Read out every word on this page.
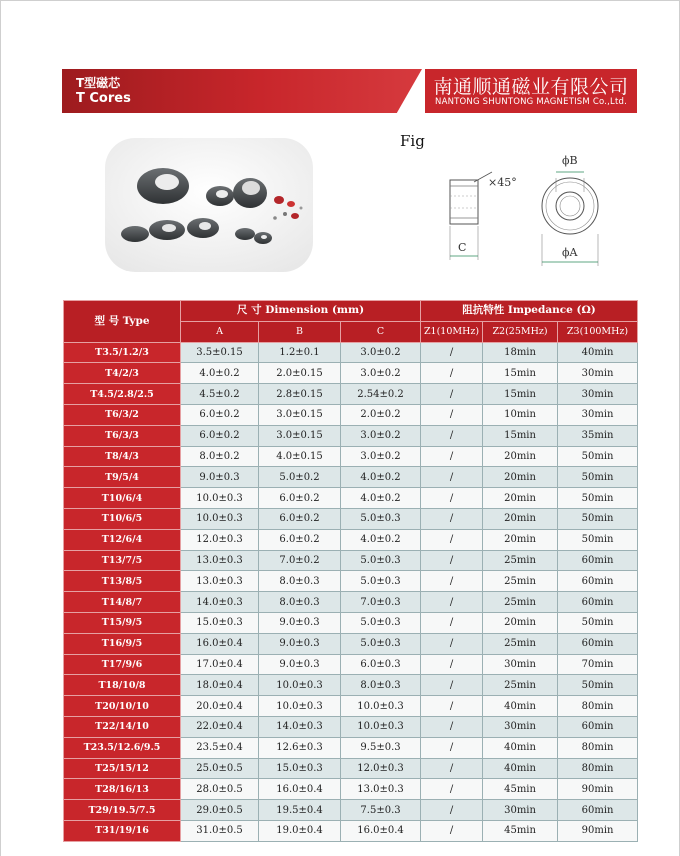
T型磁芯
T Cores
南通顺通磁业有限公司
NANTONG SHUNTONG MAGNETISM Co.,Ltd.
Fig
×45°
C
ϕB
ϕA
型 号 Type	尺 寸 Dimension (mm)			阻抗特性 Impedance (Ω)		
	A	B	C	Z1(10MHz)	Z2(25MHz)	Z3(100MHz)
T3.5/1.2/3	3.5±0.15	1.2±0.1	3.0±0.2	/	18min	40min
T4/2/3	4.0±0.2	2.0±0.15	3.0±0.2	/	15min	30min
T4.5/2.8/2.5	4.5±0.2	2.8±0.15	2.54±0.2	/	15min	30min
T6/3/2	6.0±0.2	3.0±0.15	2.0±0.2	/	10min	30min
T6/3/3	6.0±0.2	3.0±0.15	3.0±0.2	/	15min	35min
T8/4/3	8.0±0.2	4.0±0.15	3.0±0.2	/	20min	50min
T9/5/4	9.0±0.3	5.0±0.2	4.0±0.2	/	20min	50min
T10/6/4	10.0±0.3	6.0±0.2	4.0±0.2	/	20min	50min
T10/6/5	10.0±0.3	6.0±0.2	5.0±0.3	/	20min	50min
T12/6/4	12.0±0.3	6.0±0.2	4.0±0.2	/	20min	50min
T13/7/5	13.0±0.3	7.0±0.2	5.0±0.3	/	25min	60min
T13/8/5	13.0±0.3	8.0±0.3	5.0±0.3	/	25min	60min
T14/8/7	14.0±0.3	8.0±0.3	7.0±0.3	/	25min	60min
T15/9/5	15.0±0.3	9.0±0.3	5.0±0.3	/	20min	50min
T16/9/5	16.0±0.4	9.0±0.3	5.0±0.3	/	25min	60min
T17/9/6	17.0±0.4	9.0±0.3	6.0±0.3	/	30min	70min
T18/10/8	18.0±0.4	10.0±0.3	8.0±0.3	/	25min	50min
T20/10/10	20.0±0.4	10.0±0.3	10.0±0.3	/	40min	80min
T22/14/10	22.0±0.4	14.0±0.3	10.0±0.3	/	30min	60min
T23.5/12.6/9.5	23.5±0.4	12.6±0.3	9.5±0.3	/	40min	80min
T25/15/12	25.0±0.5	15.0±0.3	12.0±0.3	/	40min	80min
T28/16/13	28.0±0.5	16.0±0.4	13.0±0.3	/	45min	90min
T29/19.5/7.5	29.0±0.5	19.5±0.4	7.5±0.3	/	30min	60min
T31/19/16	31.0±0.5	19.0±0.4	16.0±0.4	/	45min	90min
